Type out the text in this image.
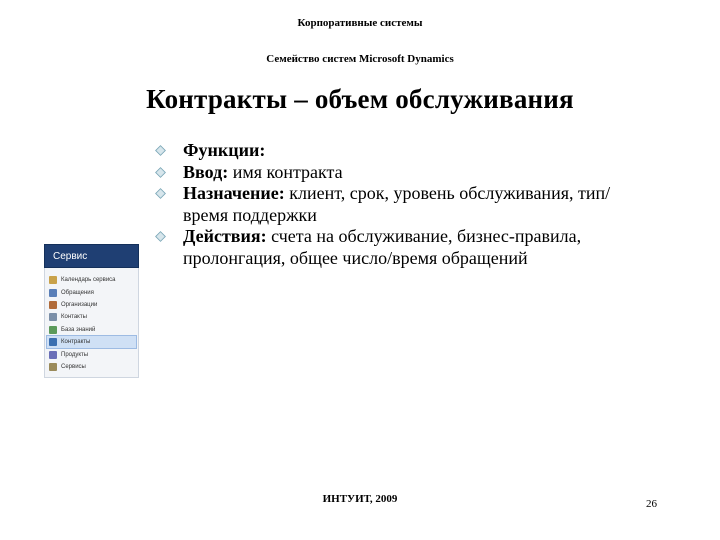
Корпоративные системы
Семейство систем Microsoft Dynamics
Контракты – объем обслуживания
Функции:
Ввод: имя контракта
Назначение: клиент, срок, уровень обслуживания, тип/время поддержки
Действия: счета на обслуживание, бизнес-правила, пролонгация, общее число/время обращений
Сервис
Календарь сервиса
Обращения
Организации
Контакты
База знаний
Контракты
Продукты
Сервисы
ИНТУИТ, 2009	26
